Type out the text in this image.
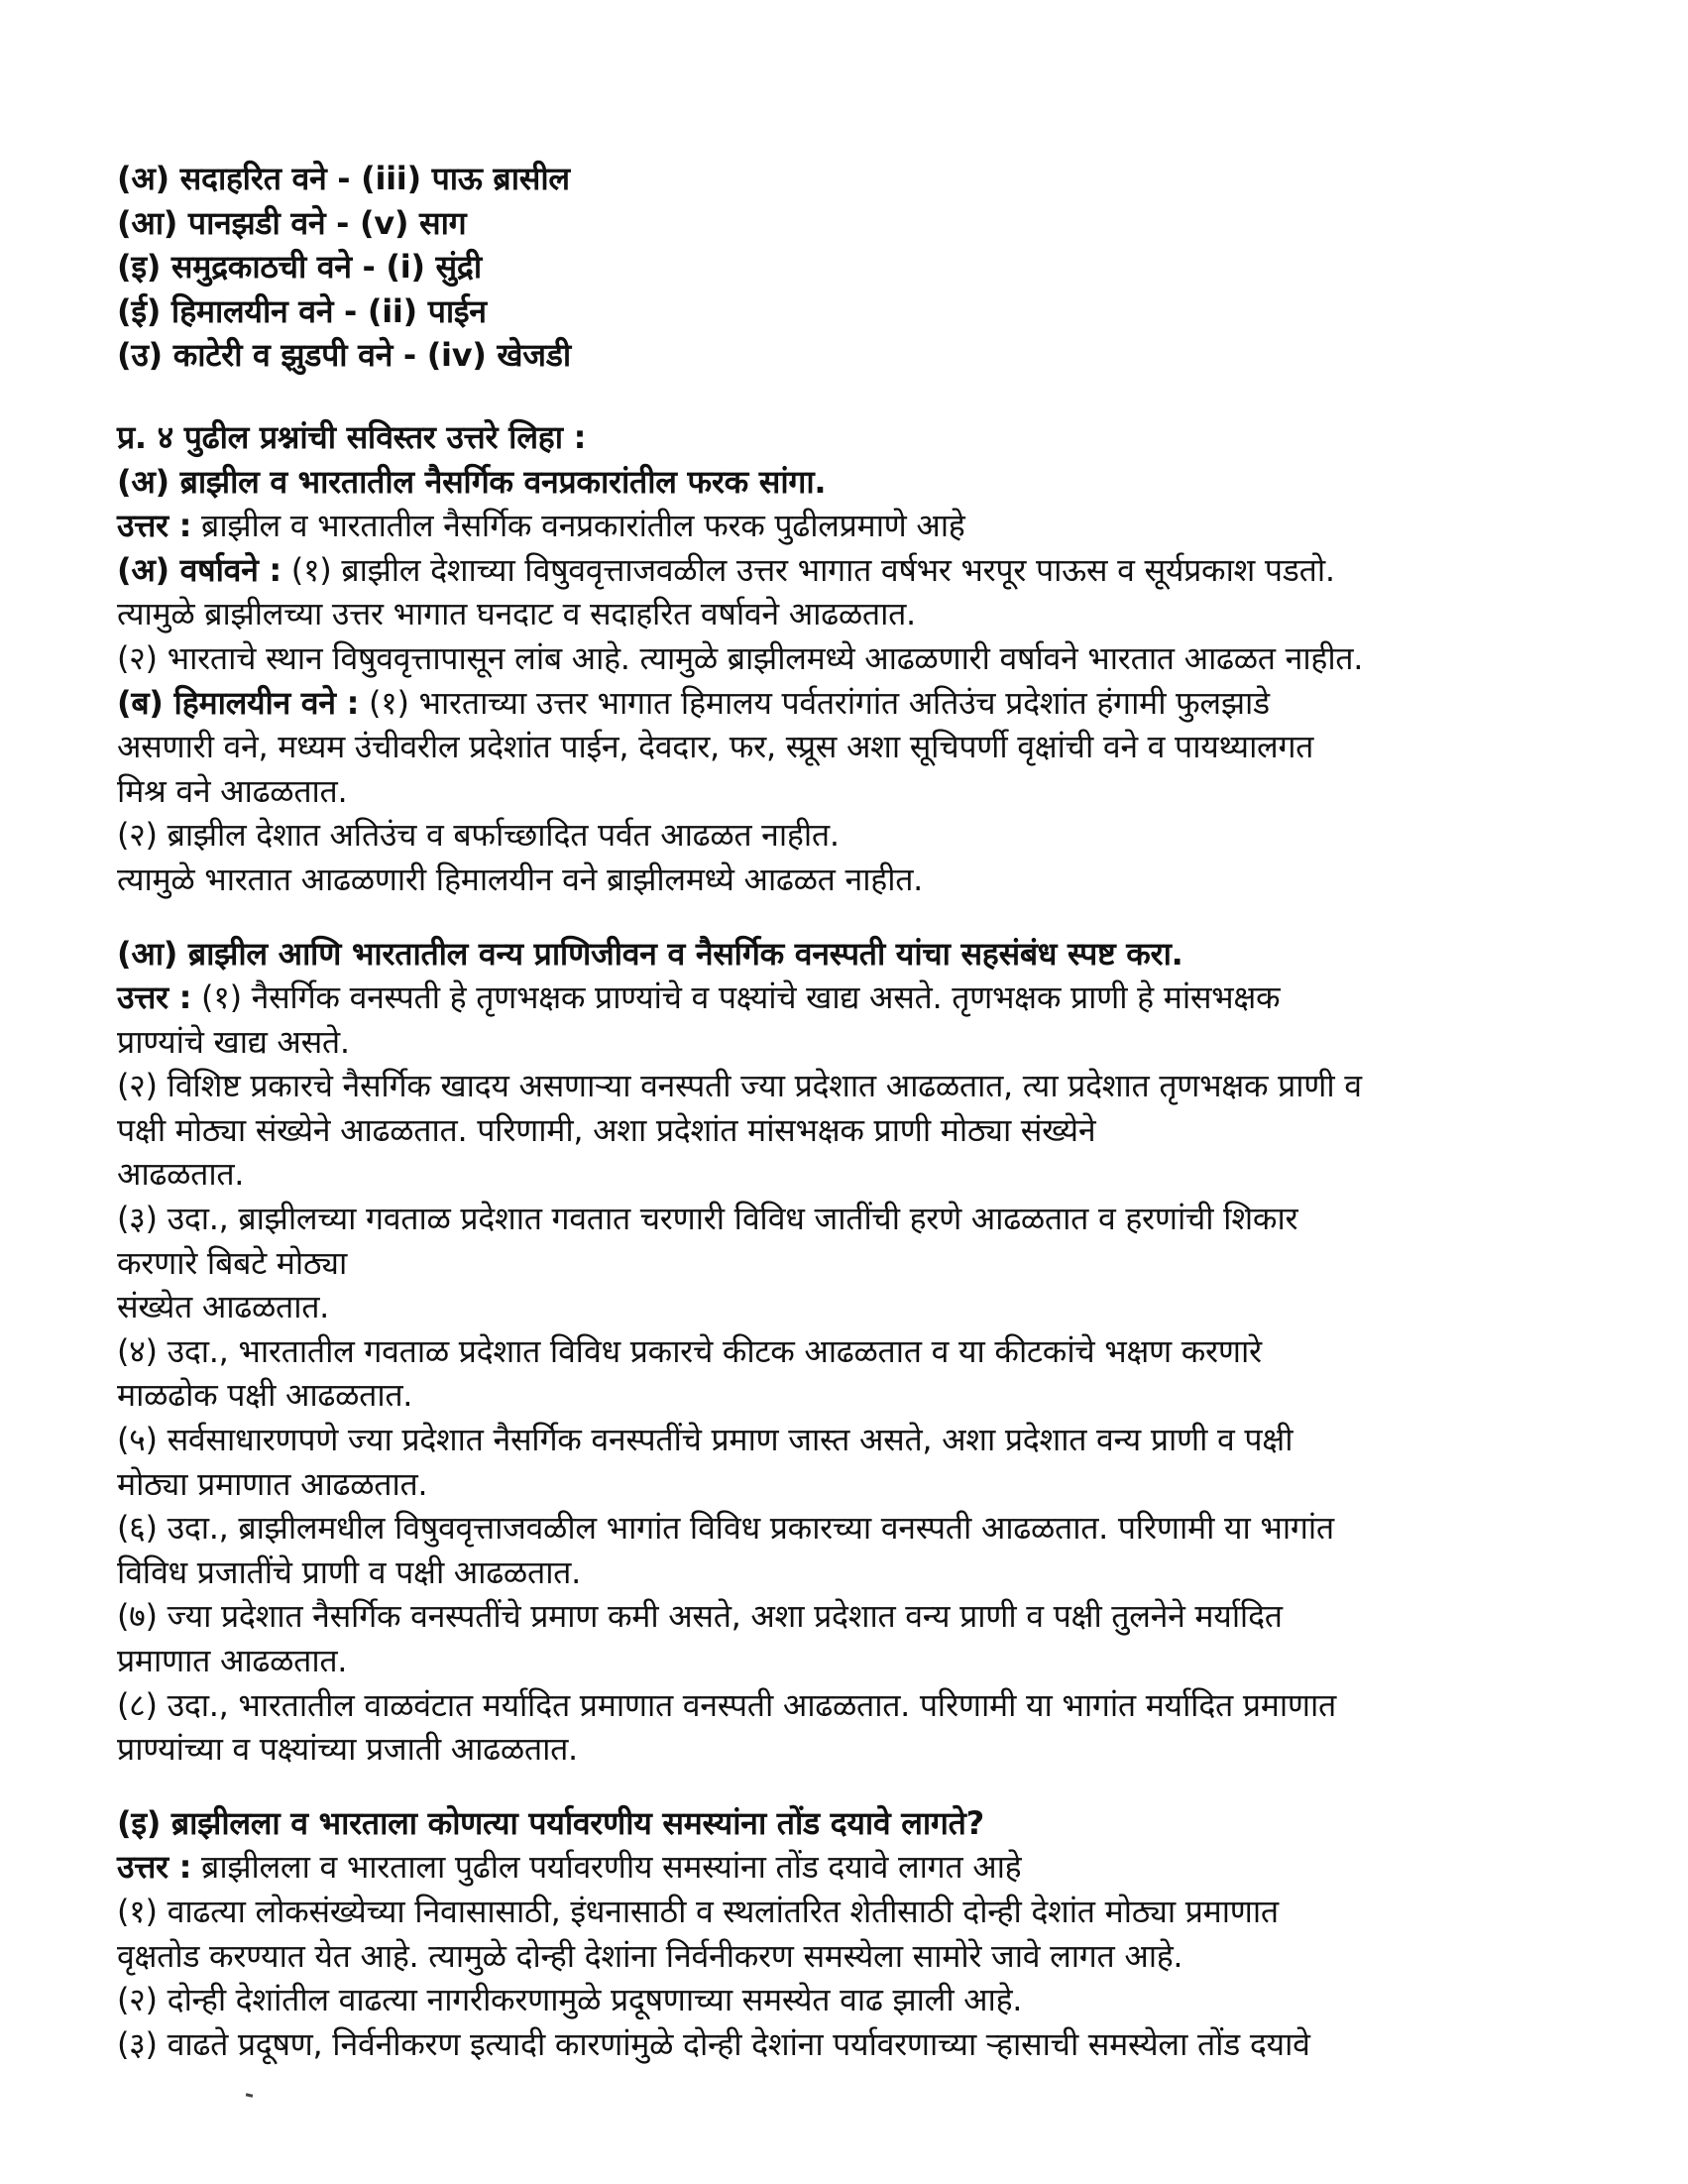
(अ) सदाहरित वने - (iii) पाऊ ब्रासील
(आ) पानझडी वने - (v) साग
(इ) समुद्रकाठची वने - (i) सुंद्री
(ई) हिमालयीन वने - (ii) पाईन
(उ) काटेरी व झुडपी वने - (iv) खेजडी
प्र. ४ पुढील प्रश्नांची सविस्तर उत्तरे लिहा :
(अ) ब्राझील व भारतातील नैसर्गिक वनप्रकारांतील फरक सांगा.
उत्तर : ब्राझील व भारतातील नैसर्गिक वनप्रकारांतील फरक पुढीलप्रमाणे आहे
(अ) वर्षावने : (१) ब्राझील देशाच्या विषुववृत्ताजवळील उत्तर भागात वर्षभर भरपूर पाऊस व सूर्यप्रकाश पडतो.
त्यामुळे ब्राझीलच्या उत्तर भागात घनदाट व सदाहरित वर्षावने आढळतात.
(२) भारताचे स्थान विषुववृत्तापासून लांब आहे. त्यामुळे ब्राझीलमध्ये आढळणारी वर्षावने भारतात आढळत नाहीत.
(ब) हिमालयीन वने : (१) भारताच्या उत्तर भागात हिमालय पर्वतरांगांत अतिउंच प्रदेशांत हंगामी फुलझाडे
असणारी वने, मध्यम उंचीवरील प्रदेशांत पाईन, देवदार, फर, स्प्रूस अशा सूचिपर्णी वृक्षांची वने व पायथ्यालगत
मिश्र वने आढळतात.
(२) ब्राझील देशात अतिउंच व बर्फाच्छादित पर्वत आढळत नाहीत.
त्यामुळे भारतात आढळणारी हिमालयीन वने ब्राझीलमध्ये आढळत नाहीत.
(आ) ब्राझील आणि भारतातील वन्य प्राणिजीवन व नैसर्गिक वनस्पती यांचा सहसंबंध स्पष्ट करा.
उत्तर : (१) नैसर्गिक वनस्पती हे तृणभक्षक प्राण्यांचे व पक्ष्यांचे खाद्य असते. तृणभक्षक प्राणी हे मांसभक्षक
प्राण्यांचे खाद्य असते.
(२) विशिष्ट प्रकारचे नैसर्गिक खादय असणाऱ्या वनस्पती ज्या प्रदेशात आढळतात, त्या प्रदेशात तृणभक्षक प्राणी व
पक्षी मोठ्या संख्येने आढळतात. परिणामी, अशा प्रदेशांत मांसभक्षक प्राणी मोठ्या संख्येने
आढळतात.
(३) उदा., ब्राझीलच्या गवताळ प्रदेशात गवतात चरणारी विविध जातींची हरणे आढळतात व हरणांची शिकार
करणारे बिबटे मोठ्या
संख्येत आढळतात.
(४) उदा., भारतातील गवताळ प्रदेशात विविध प्रकारचे कीटक आढळतात व या कीटकांचे भक्षण करणारे
माळढोक पक्षी आढळतात.
(५) सर्वसाधारणपणे ज्या प्रदेशात नैसर्गिक वनस्पतींचे प्रमाण जास्त असते, अशा प्रदेशात वन्य प्राणी व पक्षी
मोठ्या प्रमाणात आढळतात.
(६) उदा., ब्राझीलमधील विषुववृत्ताजवळील भागांत विविध प्रकारच्या वनस्पती आढळतात. परिणामी या भागांत
विविध प्रजातींचे प्राणी व पक्षी आढळतात.
(७) ज्या प्रदेशात नैसर्गिक वनस्पतींचे प्रमाण कमी असते, अशा प्रदेशात वन्य प्राणी व पक्षी तुलनेने मर्यादित
प्रमाणात आढळतात.
(८) उदा., भारतातील वाळवंटात मर्यादित प्रमाणात वनस्पती आढळतात. परिणामी या भागांत मर्यादित प्रमाणात
प्राण्यांच्या व पक्ष्यांच्या प्रजाती आढळतात.
(इ) ब्राझीलला व भारताला कोणत्या पर्यावरणीय समस्यांना तोंड दयावे लागते?
उत्तर : ब्राझीलला व भारताला पुढील पर्यावरणीय समस्यांना तोंड दयावे लागत आहे
(१) वाढत्या लोकसंख्येच्या निवासासाठी, इंधनासाठी व स्थलांतरित शेतीसाठी दोन्ही देशांत मोठ्या प्रमाणात
वृक्षतोड करण्यात येत आहे. त्यामुळे दोन्ही देशांना निर्वनीकरण समस्येला सामोरे जावे लागत आहे.
(२) दोन्ही देशांतील वाढत्या नागरीकरणामुळे प्रदूषणाच्या समस्येत वाढ झाली आहे.
(३) वाढते प्रदूषण, निर्वनीकरण इत्यादी कारणांमुळे दोन्ही देशांना पर्यावरणाच्या ऱ्हासाची समस्येला तोंड दयावे
